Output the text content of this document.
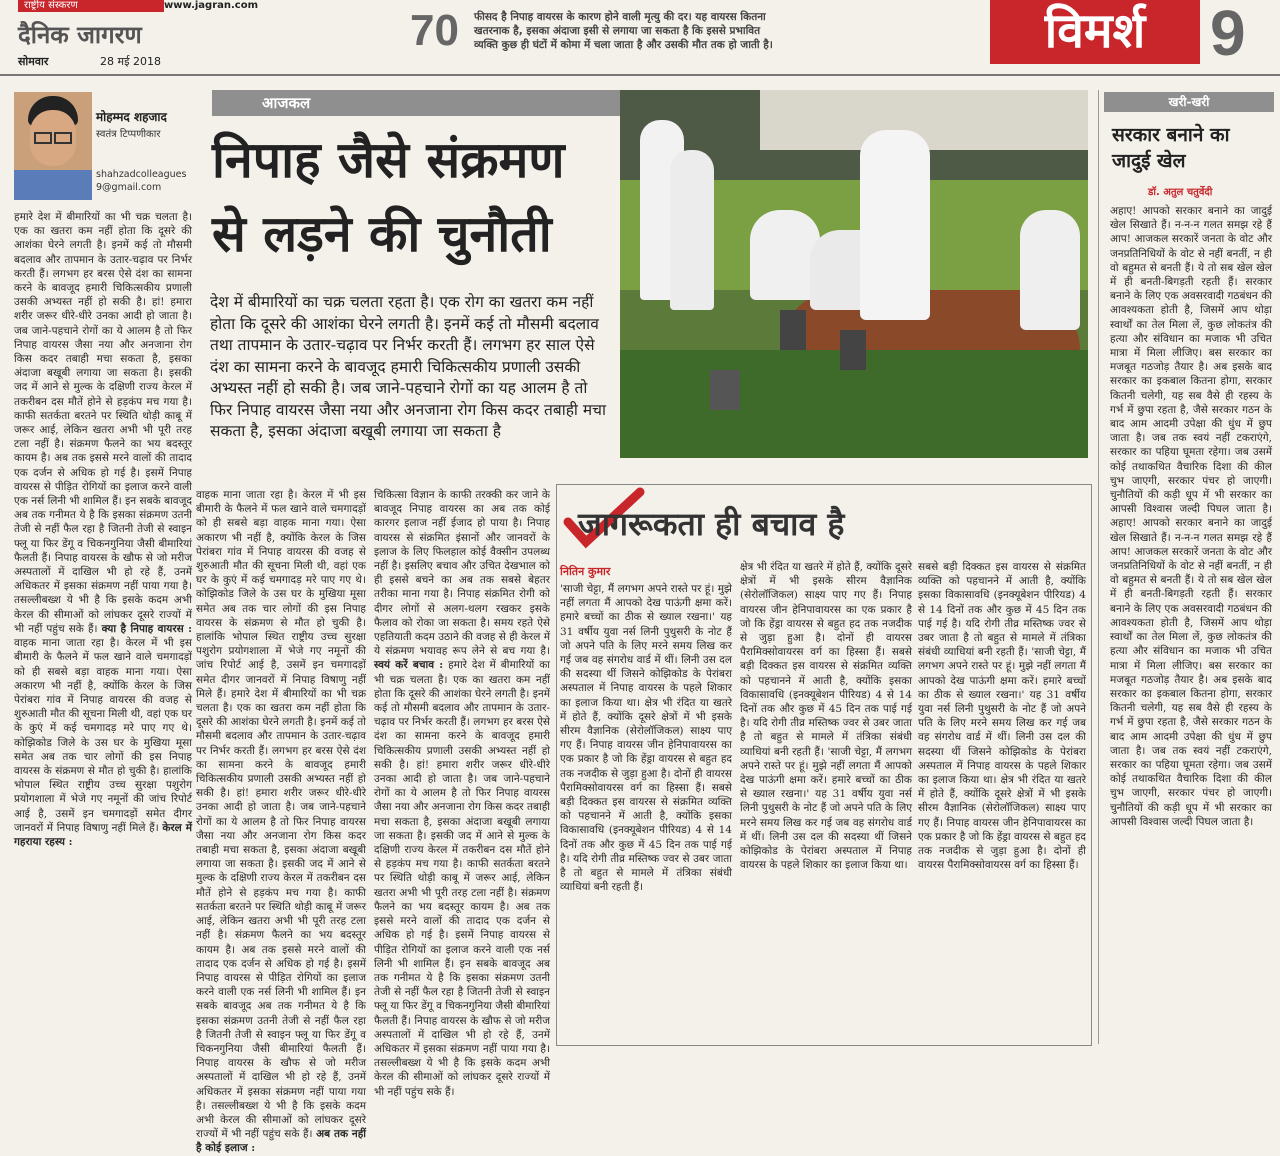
राष्ट्रीय संस्करण	www.jagran.com
दैनिक जागरण
सोमवार	28 मई 2018
70 फीसद है निपाह वायरस के कारण होने वाली मृत्यु की दर। यह वायरस कितना खतरनाक है, इसका अंदाजा इसी से लगाया जा सकता है कि इससे प्रभावित व्यक्ति कुछ ही घंटों में कोमा में चला जाता है और उसकी मौत तक हो जाती है।	विमर्श	9
मोहम्मद शहजाद
स्वतंत्र टिप्पणीकार
shahzadcolleagues9@gmail.com
आजकल
निपाह जैसे संक्रमण
से लड़ने की चुनौती
देश में बीमारियों का चक्र चलता रहता है। एक रोग का खतरा कम नहीं होता कि दूसरे की आशंका घेरने लगती है। इनमें कई तो मौसमी बदलाव तथा तापमान के उतार-चढ़ाव पर निर्भर करती हैं। लगभग हर साल ऐसे दंश का सामना करने के बावजूद हमारी चिकित्सकीय प्रणाली उसकी अभ्यस्त नहीं हो सकी है। जब जाने-पहचाने रोगों का यह आलम है तो फिर निपाह वायरस जैसा नया और अनजाना रोग किस कदर तबाही मचा सकता है, इसका अंदाजा बखूबी लगाया जा सकता है
हमारे देश में बीमारियों का भी चक्र चलता है। एक का खतरा कम नहीं होता कि दूसरे की आशंका घेरने लगती है। इनमें कई तो मौसमी बदलाव और तापमान के उतार-चढ़ाव पर निर्भर करती हैं। लगभग हर बरस ऐसे दंश का सामना करने के बावजूद हमारी चिकित्सकीय प्रणाली उसकी अभ्यस्त नहीं हो सकी है। हां! हमारा शरीर जरूर धीरे-धीरे उनका आदी हो जाता है। जब जाने-पहचाने रोगों का ये आलम है तो फिर निपाह वायरस जैसा नया और अनजाना रोग किस कदर तबाही मचा सकता है, इसका अंदाजा बखूबी लगाया जा सकता है। इसकी जद में आने से मुल्क के दक्षिणी राज्य केरल में तकरीबन दस मौतें होने से हड़कंप मच गया है। काफी सतर्कता बरतने पर स्थिति थोड़ी काबू में जरूर आई, लेकिन खतरा अभी भी पूरी तरह टला नहीं है। संक्रमण फैलने का भय बदस्तूर कायम है। अब तक इससे मरने वालों की तादाद एक दर्जन से अधिक हो गई है। इसमें निपाह वायरस से पीड़ित रोगियों का इलाज करने वाली एक नर्स लिनी भी शामिल हैं। इन सबके बावजूद अब तक गनीमत ये है कि इसका संक्रमण उतनी तेजी से नहीं फैल रहा है जितनी तेजी से स्वाइन फ्लू या फिर डेंगू व चिकनगुनिया जैसी बीमारियां फैलती हैं। निपाह वायरस के खौफ से जो मरीज अस्पतालों में दाखिल भी हो रहे हैं, उनमें अधिकतर में इसका संक्रमण नहीं पाया गया है। तसल्लीबख्श ये भी है कि इसके कदम अभी केरल की सीमाओं को लांघकर दूसरे राज्यों में भी नहीं पहुंच सके हैं। क्या है निपाह वायरस : वाहक माना जाता रहा है। केरल में भी इस बीमारी के फैलने में फल खाने वाले चमगादड़ों को ही सबसे बड़ा वाहक माना गया। ऐसा अकारण भी नहीं है, क्योंकि केरल के जिस पेरांबरा गांव में निपाह वायरस की वजह से शुरुआती मौत की सूचना मिली थी, वहां एक घर के कुएं में कई चमगादड़ मरे पाए गए थे। कोझिकोड जिले के उस घर के मुखिया मूसा समेत अब तक चार लोगों की इस निपाह वायरस के संक्रमण से मौत हो चुकी है। हालांकि भोपाल स्थित राष्ट्रीय उच्च सुरक्षा पशुरोग प्रयोगशाला में भेजे गए नमूनों की जांच रिपोर्ट आई है, उसमें इन चमगादड़ों समेत दीगर जानवरों में निपाह विषाणु नहीं मिले हैं। केरल में गहराया रहस्य :
वाहक माना जाता रहा है। केरल में भी इस बीमारी के फैलने में फल खाने वाले चमगादड़ों को ही सबसे बड़ा वाहक माना गया। ऐसा अकारण भी नहीं है, क्योंकि केरल के जिस पेरांबरा गांव में निपाह वायरस की वजह से शुरुआती मौत की सूचना मिली थी, वहां एक घर के कुएं में कई चमगादड़ मरे पाए गए थे। कोझिकोड जिले के उस घर के मुखिया मूसा समेत अब तक चार लोगों की इस निपाह वायरस के संक्रमण से मौत हो चुकी है। हालांकि भोपाल स्थित राष्ट्रीय उच्च सुरक्षा पशुरोग प्रयोगशाला में भेजे गए नमूनों की जांच रिपोर्ट आई है, उसमें इन चमगादड़ों समेत दीगर जानवरों में निपाह विषाणु नहीं मिले हैं। हमारे देश में बीमारियों का भी चक्र चलता है। एक का खतरा कम नहीं होता कि दूसरे की आशंका घेरने लगती है। इनमें कई तो मौसमी बदलाव और तापमान के उतार-चढ़ाव पर निर्भर करती हैं। लगभग हर बरस ऐसे दंश का सामना करने के बावजूद हमारी चिकित्सकीय प्रणाली उसकी अभ्यस्त नहीं हो सकी है। हां! हमारा शरीर जरूर धीरे-धीरे उनका आदी हो जाता है। जब जाने-पहचाने रोगों का ये आलम है तो फिर निपाह वायरस जैसा नया और अनजाना रोग किस कदर तबाही मचा सकता है, इसका अंदाजा बखूबी लगाया जा सकता है। इसकी जद में आने से मुल्क के दक्षिणी राज्य केरल में तकरीबन दस मौतें होने से हड़कंप मच गया है। काफी सतर्कता बरतने पर स्थिति थोड़ी काबू में जरूर आई, लेकिन खतरा अभी भी पूरी तरह टला नहीं है। संक्रमण फैलने का भय बदस्तूर कायम है। अब तक इससे मरने वालों की तादाद एक दर्जन से अधिक हो गई है। इसमें निपाह वायरस से पीड़ित रोगियों का इलाज करने वाली एक नर्स लिनी भी शामिल हैं। इन सबके बावजूद अब तक गनीमत ये है कि इसका संक्रमण उतनी तेजी से नहीं फैल रहा है जितनी तेजी से स्वाइन फ्लू या फिर डेंगू व चिकनगुनिया जैसी बीमारियां फैलती हैं। निपाह वायरस के खौफ से जो मरीज अस्पतालों में दाखिल भी हो रहे हैं, उनमें अधिकतर में इसका संक्रमण नहीं पाया गया है। तसल्लीबख्श ये भी है कि इसके कदम अभी केरल की सीमाओं को लांघकर दूसरे राज्यों में भी नहीं पहुंच सके हैं। अब तक नहीं है कोई इलाज :
चिकित्सा विज्ञान के काफी तरक्की कर जाने के बावजूद निपाह वायरस का अब तक कोई कारगर इलाज नहीं ईजाद हो पाया है। निपाह वायरस से संक्रमित इंसानों और जानवरों के इलाज के लिए फिलहाल कोई वैक्सीन उपलब्ध नहीं है। इसलिए बचाव और उचित देखभाल को ही इससे बचने का अब तक सबसे बेहतर तरीका माना गया है। निपाह संक्रमित रोगी को दीगर लोगों से अलग-थलग रखकर इसके फैलाव को रोका जा सकता है। समय रहते ऐसे एहतियाती कदम उठाने की वजह से ही केरल में ये संक्रमण भयावह रूप लेने से बच गया है। स्वयं करें बचाव : हमारे देश में बीमारियों का भी चक्र चलता है। एक का खतरा कम नहीं होता कि दूसरे की आशंका घेरने लगती है। इनमें कई तो मौसमी बदलाव और तापमान के उतार-चढ़ाव पर निर्भर करती हैं। लगभग हर बरस ऐसे दंश का सामना करने के बावजूद हमारी चिकित्सकीय प्रणाली उसकी अभ्यस्त नहीं हो सकी है। हां! हमारा शरीर जरूर धीरे-धीरे उनका आदी हो जाता है। जब जाने-पहचाने रोगों का ये आलम है तो फिर निपाह वायरस जैसा नया और अनजाना रोग किस कदर तबाही मचा सकता है, इसका अंदाजा बखूबी लगाया जा सकता है। इसकी जद में आने से मुल्क के दक्षिणी राज्य केरल में तकरीबन दस मौतें होने से हड़कंप मच गया है। काफी सतर्कता बरतने पर स्थिति थोड़ी काबू में जरूर आई, लेकिन खतरा अभी भी पूरी तरह टला नहीं है। संक्रमण फैलने का भय बदस्तूर कायम है। अब तक इससे मरने वालों की तादाद एक दर्जन से अधिक हो गई है। इसमें निपाह वायरस से पीड़ित रोगियों का इलाज करने वाली एक नर्स लिनी भी शामिल हैं। इन सबके बावजूद अब तक गनीमत ये है कि इसका संक्रमण उतनी तेजी से नहीं फैल रहा है जितनी तेजी से स्वाइन फ्लू या फिर डेंगू व चिकनगुनिया जैसी बीमारियां फैलती हैं। निपाह वायरस के खौफ से जो मरीज अस्पतालों में दाखिल भी हो रहे हैं, उनमें अधिकतर में इसका संक्रमण नहीं पाया गया है। तसल्लीबख्श ये भी है कि इसके कदम अभी केरल की सीमाओं को लांघकर दूसरे राज्यों में भी नहीं पहुंच सके हैं।
जागरूकता ही बचाव है
नितिन कुमार
'साजी चेट्टा, मैं लगभग अपने रास्ते पर हूं। मुझे नहीं लगता मैं आपको देख पाऊंगी क्षमा करें। हमारे बच्चों का ठीक से ख्याल रखना।' यह 31 वर्षीय युवा नर्स लिनी पुथुसरी के नोट हैं जो अपने पति के लिए मरने समय लिख कर गई जब वह संगरोध वार्ड में थीं। लिनी उस दल की सदस्या थीं जिसने कोझिकोड के पेरांबरा अस्पताल में निपाह वायरस के पहले शिकार का इलाज किया था। क्षेत्र भी रंदित या खतरे में होते हैं, क्योंकि दूसरे क्षेत्रों में भी इसके सीरम वैज्ञानिक (सेरोलॉजिकल) साक्ष्य पाए गए हैं। निपाह वायरस जीन हेनिपावायरस का एक प्रकार है जो कि हेंड्रा वायरस से बहुत हद तक नजदीक से जुड़ा हुआ है। दोनों ही वायरस पैरामिक्सोवायरस वर्ग का हिस्सा हैं। सबसे बड़ी दिक्कत इस वायरस से संक्रमित व्यक्ति को पहचानने में आती है, क्योंकि इसका विकासावधि (इनक्यूबेशन पीरियड) 4 से 14 दिनों तक और कुछ में 45 दिन तक पाई गई है। यदि रोगी तीव्र मस्तिष्क ज्वर से उबर जाता है तो बहुत से मामले में तंत्रिका संबंधी व्याधियां बनी रहती हैं।
क्षेत्र भी रंदित या खतरे में होते हैं, क्योंकि दूसरे क्षेत्रों में भी इसके सीरम वैज्ञानिक (सेरोलॉजिकल) साक्ष्य पाए गए हैं। निपाह वायरस जीन हेनिपावायरस का एक प्रकार है जो कि हेंड्रा वायरस से बहुत हद तक नजदीक से जुड़ा हुआ है। दोनों ही वायरस पैरामिक्सोवायरस वर्ग का हिस्सा हैं। सबसे बड़ी दिक्कत इस वायरस से संक्रमित व्यक्ति को पहचानने में आती है, क्योंकि इसका विकासावधि (इनक्यूबेशन पीरियड) 4 से 14 दिनों तक और कुछ में 45 दिन तक पाई गई है। यदि रोगी तीव्र मस्तिष्क ज्वर से उबर जाता है तो बहुत से मामले में तंत्रिका संबंधी व्याधियां बनी रहती हैं। 'साजी चेट्टा, मैं लगभग अपने रास्ते पर हूं। मुझे नहीं लगता मैं आपको देख पाऊंगी क्षमा करें। हमारे बच्चों का ठीक से ख्याल रखना।' यह 31 वर्षीय युवा नर्स लिनी पुथुसरी के नोट हैं जो अपने पति के लिए मरने समय लिख कर गई जब वह संगरोध वार्ड में थीं। लिनी उस दल की सदस्या थीं जिसने कोझिकोड के पेरांबरा अस्पताल में निपाह वायरस के पहले शिकार का इलाज किया था।
सबसे बड़ी दिक्कत इस वायरस से संक्रमित व्यक्ति को पहचानने में आती है, क्योंकि इसका विकासावधि (इनक्यूबेशन पीरियड) 4 से 14 दिनों तक और कुछ में 45 दिन तक पाई गई है। यदि रोगी तीव्र मस्तिष्क ज्वर से उबर जाता है तो बहुत से मामले में तंत्रिका संबंधी व्याधियां बनी रहती हैं। 'साजी चेट्टा, मैं लगभग अपने रास्ते पर हूं। मुझे नहीं लगता मैं आपको देख पाऊंगी क्षमा करें। हमारे बच्चों का ठीक से ख्याल रखना।' यह 31 वर्षीय युवा नर्स लिनी पुथुसरी के नोट हैं जो अपने पति के लिए मरने समय लिख कर गई जब वह संगरोध वार्ड में थीं। लिनी उस दल की सदस्या थीं जिसने कोझिकोड के पेरांबरा अस्पताल में निपाह वायरस के पहले शिकार का इलाज किया था। क्षेत्र भी रंदित या खतरे में होते हैं, क्योंकि दूसरे क्षेत्रों में भी इसके सीरम वैज्ञानिक (सेरोलॉजिकल) साक्ष्य पाए गए हैं। निपाह वायरस जीन हेनिपावायरस का एक प्रकार है जो कि हेंड्रा वायरस से बहुत हद तक नजदीक से जुड़ा हुआ है। दोनों ही वायरस पैरामिक्सोवायरस वर्ग का हिस्सा हैं।
खरी-खरी
सरकार बनाने का जादुई खेल
डॉ. अतुल चतुर्वेदी
अहाए! आपको सरकार बनाने का जादुई खेल सिखाते हैं। न-न-न गलत समझ रहे हैं आप! आजकल सरकारें जनता के वोट और जनप्रतिनिधियों के वोट से नहीं बनतीं, न ही वो बहुमत से बनती हैं। ये तो सब खेल खेल में ही बनती-बिगड़ती रहती हैं। सरकार बनाने के लिए एक अवसरवादी गठबंधन की आवश्यकता होती है, जिसमें आप थोड़ा स्वार्थों का तेल मिला लें, कुछ लोकतंत्र की हत्या और संविधान का मजाक भी उचित मात्रा में मिला लीजिए। बस सरकार का मजबूत गठजोड़ तैयार है। अब इसके बाद सरकार का इकबाल कितना होगा, सरकार कितनी चलेगी, यह सब वैसे ही रहस्य के गर्भ में छुपा रहता है, जैसे सरकार गठन के बाद आम आदमी उपेक्षा की धुंध में छुप जाता है। जब तक स्वयं नहीं टकराएंगे, सरकार का पहिया घूमता रहेगा। जब उसमें कोई तथाकथित वैचारिक दिशा की कील चुभ जाएगी, सरकार पंचर हो जाएगी। चुनौतियों की कड़ी धूप में भी सरकार का आपसी विश्वास जल्दी पिघल जाता है। अहाए! आपको सरकार बनाने का जादुई खेल सिखाते हैं। न-न-न गलत समझ रहे हैं आप! आजकल सरकारें जनता के वोट और जनप्रतिनिधियों के वोट से नहीं बनतीं, न ही वो बहुमत से बनती हैं। ये तो सब खेल खेल में ही बनती-बिगड़ती रहती हैं। सरकार बनाने के लिए एक अवसरवादी गठबंधन की आवश्यकता होती है, जिसमें आप थोड़ा स्वार्थों का तेल मिला लें, कुछ लोकतंत्र की हत्या और संविधान का मजाक भी उचित मात्रा में मिला लीजिए। बस सरकार का मजबूत गठजोड़ तैयार है। अब इसके बाद सरकार का इकबाल कितना होगा, सरकार कितनी चलेगी, यह सब वैसे ही रहस्य के गर्भ में छुपा रहता है, जैसे सरकार गठन के बाद आम आदमी उपेक्षा की धुंध में छुप जाता है। जब तक स्वयं नहीं टकराएंगे, सरकार का पहिया घूमता रहेगा। जब उसमें कोई तथाकथित वैचारिक दिशा की कील चुभ जाएगी, सरकार पंचर हो जाएगी। चुनौतियों की कड़ी धूप में भी सरकार का आपसी विश्वास जल्दी पिघल जाता है।
